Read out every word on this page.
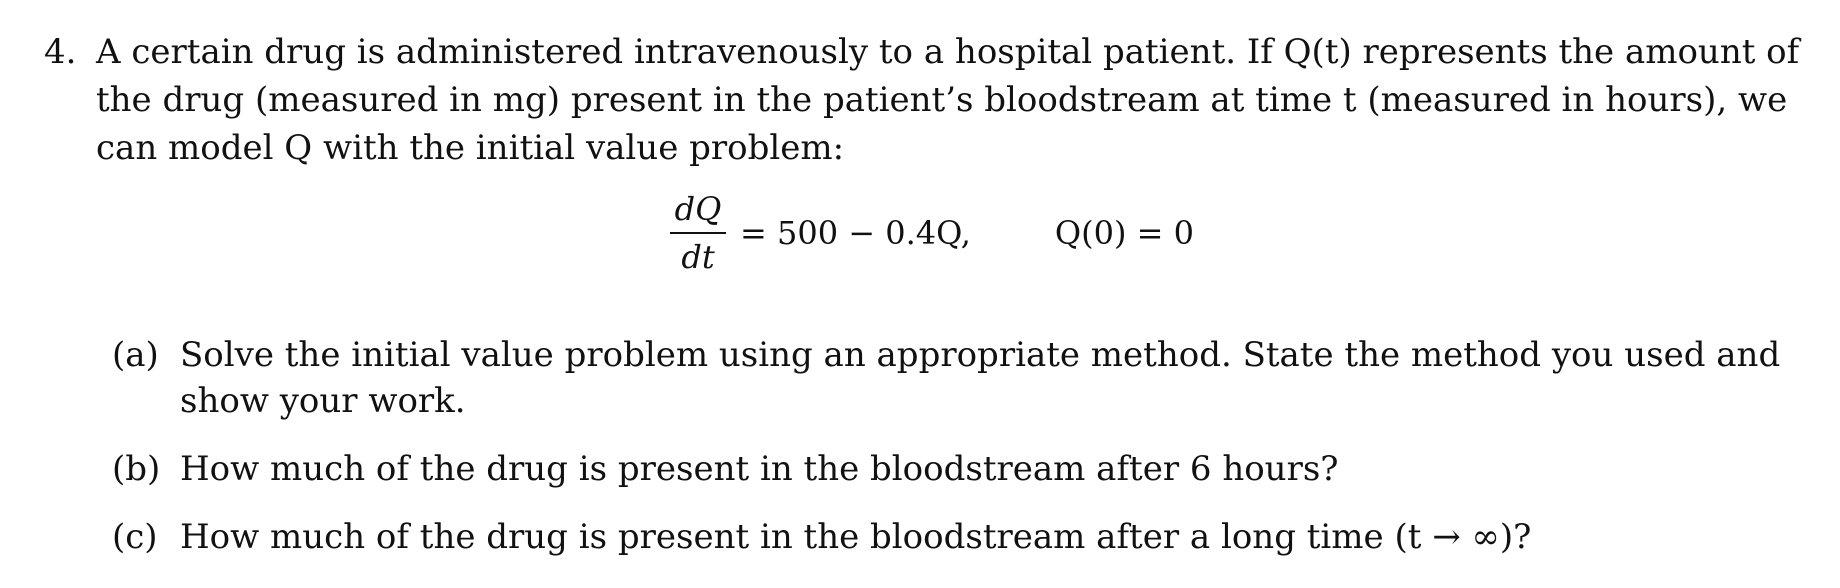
4. A certain drug is administered intravenously to a hospital patient. If Q(t) represents the amount of
the drug (measured in mg) present in the patient’s bloodstream at time t (measured in hours), we
can model Q with the initial value problem:
$\frac{dQ}{dt} = 500 - 0.4Q$,	Q(0) = 0
(a) Solve the initial value problem using an appropriate method. State the method you used and
show your work.
(b) How much of the drug is present in the bloodstream after 6 hours?
(c) How much of the drug is present in the bloodstream after a long time (t → ∞)?
